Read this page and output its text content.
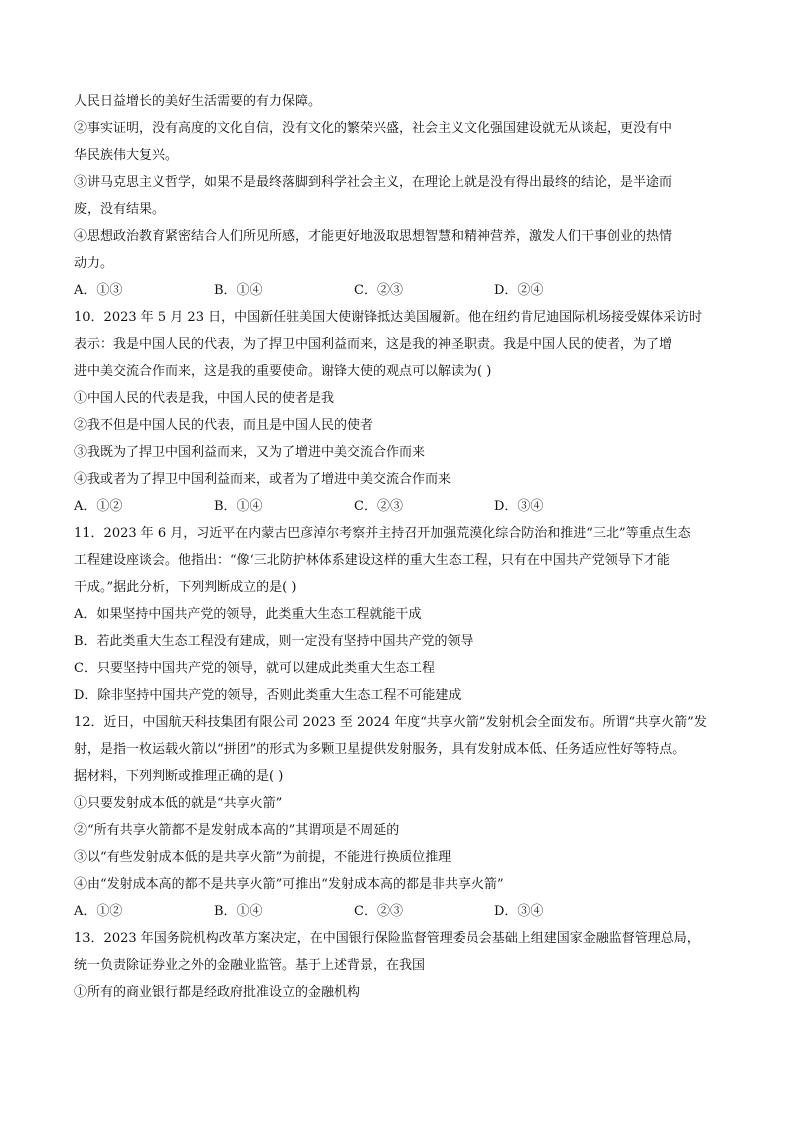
人民日益增长的美好生活需要的有力保障。
②事实证明，没有高度的文化自信，没有文化的繁荣兴盛，社会主义文化强国建设就无从谈起，更没有中
华民族伟大复兴。
③讲马克思主义哲学，如果不是最终落脚到科学社会主义，在理论上就是没有得出最终的结论，是半途而
废，没有结果。
④思想政治教育紧密结合人们所见所感，才能更好地汲取思想智慧和精神营养，激发人们干事创业的热情
动力。
A．①③	B．①④	C．②③	D．②④
10．2023 年 5 月 23 日，中国新任驻美国大使谢锋抵达美国履新。他在纽约肯尼迪国际机场接受媒体采访时
表示：我是中国人民的代表，为了捍卫中国利益而来，这是我的神圣职责。我是中国人民的使者，为了增
进中美交流合作而来，这是我的重要使命。谢锋大使的观点可以解读为( )
①中国人民的代表是我，中国人民的使者是我
②我不但是中国人民的代表，而且是中国人民的使者
③我既为了捍卫中国利益而来，又为了增进中美交流合作而来
④我或者为了捍卫中国利益而来，或者为了增进中美交流合作而来
A．①②	B．①④	C．②③	D．③④
11．2023 年 6 月，习近平在内蒙古巴彦淖尔考察并主持召开加强荒漠化综合防治和推进“三北”等重点生态
工程建设座谈会。他指出：“像‘三北防护林体系建设这样的重大生态工程，只有在中国共产党领导下才能
干成。”据此分析，下列判断成立的是( )
A．如果坚持中国共产党的领导，此类重大生态工程就能干成
B．若此类重大生态工程没有建成，则一定没有坚持中国共产党的领导
C．只要坚持中国共产党的领导，就可以建成此类重大生态工程
D．除非坚持中国共产党的领导，否则此类重大生态工程不可能建成
12．近日，中国航天科技集团有限公司 2023 至 2024 年度“共享火箭”发射机会全面发布。所谓“共享火箭”发
射，是指一枚运载火箭以“拼团”的形式为多颗卫星提供发射服务，具有发射成本低、任务适应性好等特点。
据材料，下列判断或推理正确的是( )
①只要发射成本低的就是“共享火箭”
②“所有共享火箭都不是发射成本高的”其谓项是不周延的
③以“有些发射成本低的是共享火箭”为前提，不能进行换质位推理
④由“发射成本高的都不是共享火箭”可推出“发射成本高的都是非共享火箭”
A．①②	B．①④	C．②③	D．③④
13．2023 年国务院机构改革方案决定，在中国银行保险监督管理委员会基础上组建国家金融监督管理总局，
统一负责除证券业之外的金融业监管。基于上述背景，在我国
①所有的商业银行都是经政府批准设立的金融机构
